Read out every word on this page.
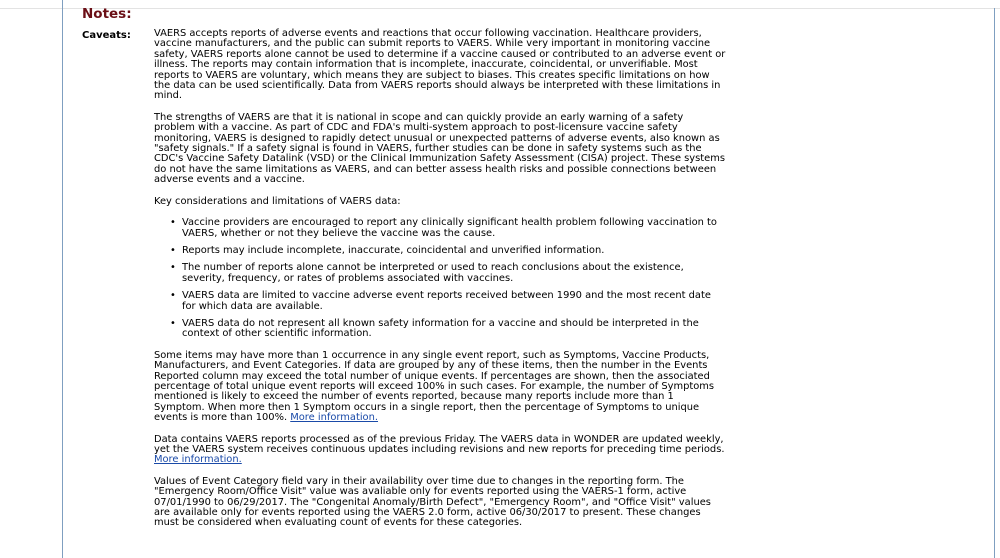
Notes:
Caveats: VAERS accepts reports of adverse events and reactions that occur following vaccination. Healthcare providers, vaccine manufacturers, and the public can submit reports to VAERS. While very important in monitoring vaccine safety, VAERS reports alone cannot be used to determine if a vaccine caused or contributed to an adverse event or illness. The reports may contain information that is incomplete, inaccurate, coincidental, or unverifiable. Most reports to VAERS are voluntary, which means they are subject to biases. This creates specific limitations on how the data can be used scientifically. Data from VAERS reports should always be interpreted with these limitations in mind.

The strengths of VAERS are that it is national in scope and can quickly provide an early warning of a safety problem with a vaccine. As part of CDC and FDA's multi-system approach to post-licensure vaccine safety monitoring, VAERS is designed to rapidly detect unusual or unexpected patterns of adverse events, also known as "safety signals." If a safety signal is found in VAERS, further studies can be done in safety systems such as the CDC's Vaccine Safety Datalink (VSD) or the Clinical Immunization Safety Assessment (CISA) project. These systems do not have the same limitations as VAERS, and can better assess health risks and possible connections between adverse events and a vaccine.

Key considerations and limitations of VAERS data:

• Vaccine providers are encouraged to report any clinically significant health problem following vaccination to VAERS, whether or not they believe the vaccine was the cause.
• Reports may include incomplete, inaccurate, coincidental and unverified information.
• The number of reports alone cannot be interpreted or used to reach conclusions about the existence, severity, frequency, or rates of problems associated with vaccines.
• VAERS data are limited to vaccine adverse event reports received between 1990 and the most recent date for which data are available.
• VAERS data do not represent all known safety information for a vaccine and should be interpreted in the context of other scientific information.

Some items may have more than 1 occurrence in any single event report, such as Symptoms, Vaccine Products, Manufacturers, and Event Categories. If data are grouped by any of these items, then the number in the Events Reported column may exceed the total number of unique events. If percentages are shown, then the associated percentage of total unique event reports will exceed 100% in such cases. For example, the number of Symptoms mentioned is likely to exceed the number of events reported, because many reports include more than 1 Symptom. When more then 1 Symptom occurs in a single report, then the percentage of Symptoms to unique events is more than 100%. More information.

Data contains VAERS reports processed as of the previous Friday. The VAERS data in WONDER are updated weekly, yet the VAERS system receives continuous updates including revisions and new reports for preceding time periods. More information.

Values of Event Category field vary in their availability over time due to changes in the reporting form. The "Emergency Room/Office Visit" value was avaliable only for events reported using the VAERS-1 form, active 07/01/1990 to 06/29/2017. The "Congenital Anomaly/Birth Defect", "Emergency Room", and "Office Visit" values are available only for events reported using the VAERS 2.0 form, active 06/30/2017 to present. These changes must be considered when evaluating count of events for these categories.
